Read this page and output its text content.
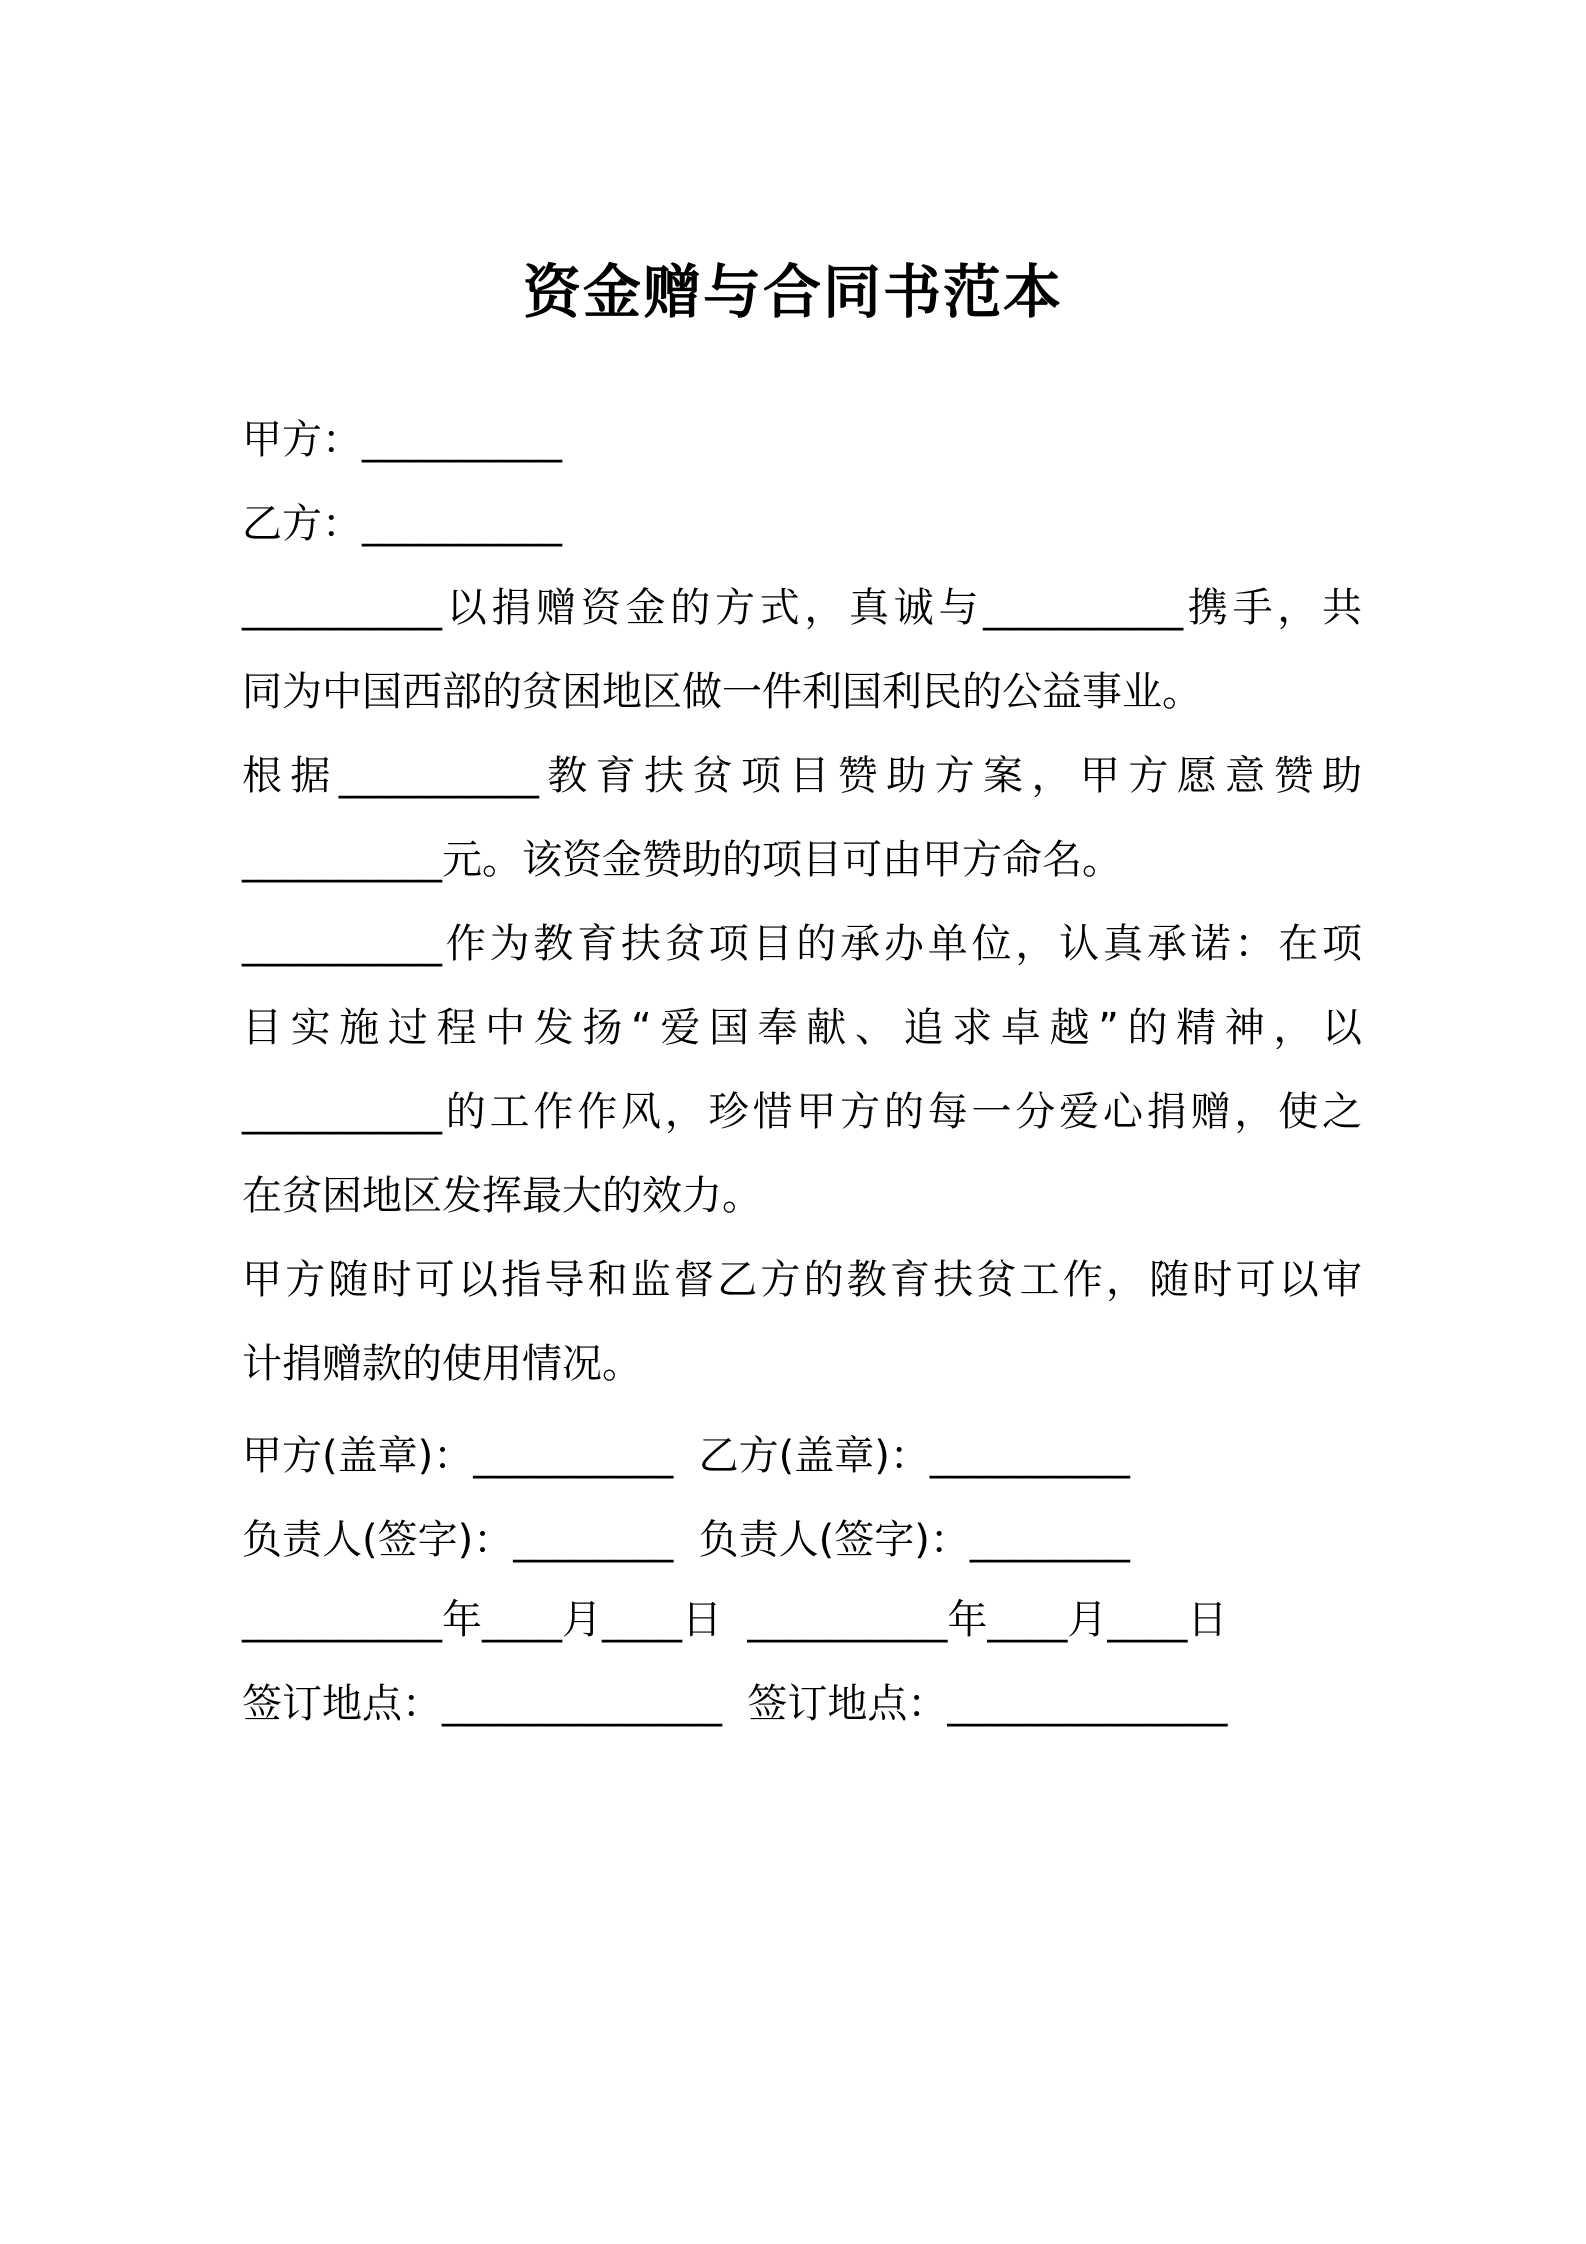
资金赠与合同书范本
甲方：__________
乙方：__________
__________以捐赠资金的方式，真诚与__________携手，共
同为中国西部的贫困地区做一件利国利民的公益事业。
根据__________教育扶贫项目赞助方案，甲方愿意赞助
__________元。该资金赞助的项目可由甲方命名。
__________作为教育扶贫项目的承办单位，认真承诺：在项
目实施过程中发扬“爱国奉献、追求卓越”的精神，以
__________的工作作风，珍惜甲方的每一分爱心捐赠，使之
在贫困地区发挥最大的效力。
甲方随时可以指导和监督乙方的教育扶贫工作，随时可以审
计捐赠款的使用情况。
甲方(盖章)：__________  乙方(盖章)：__________
负责人(签字)：________  负责人(签字)：________
__________年____月____日  __________年____月____日
签订地点：______________  签订地点：______________
